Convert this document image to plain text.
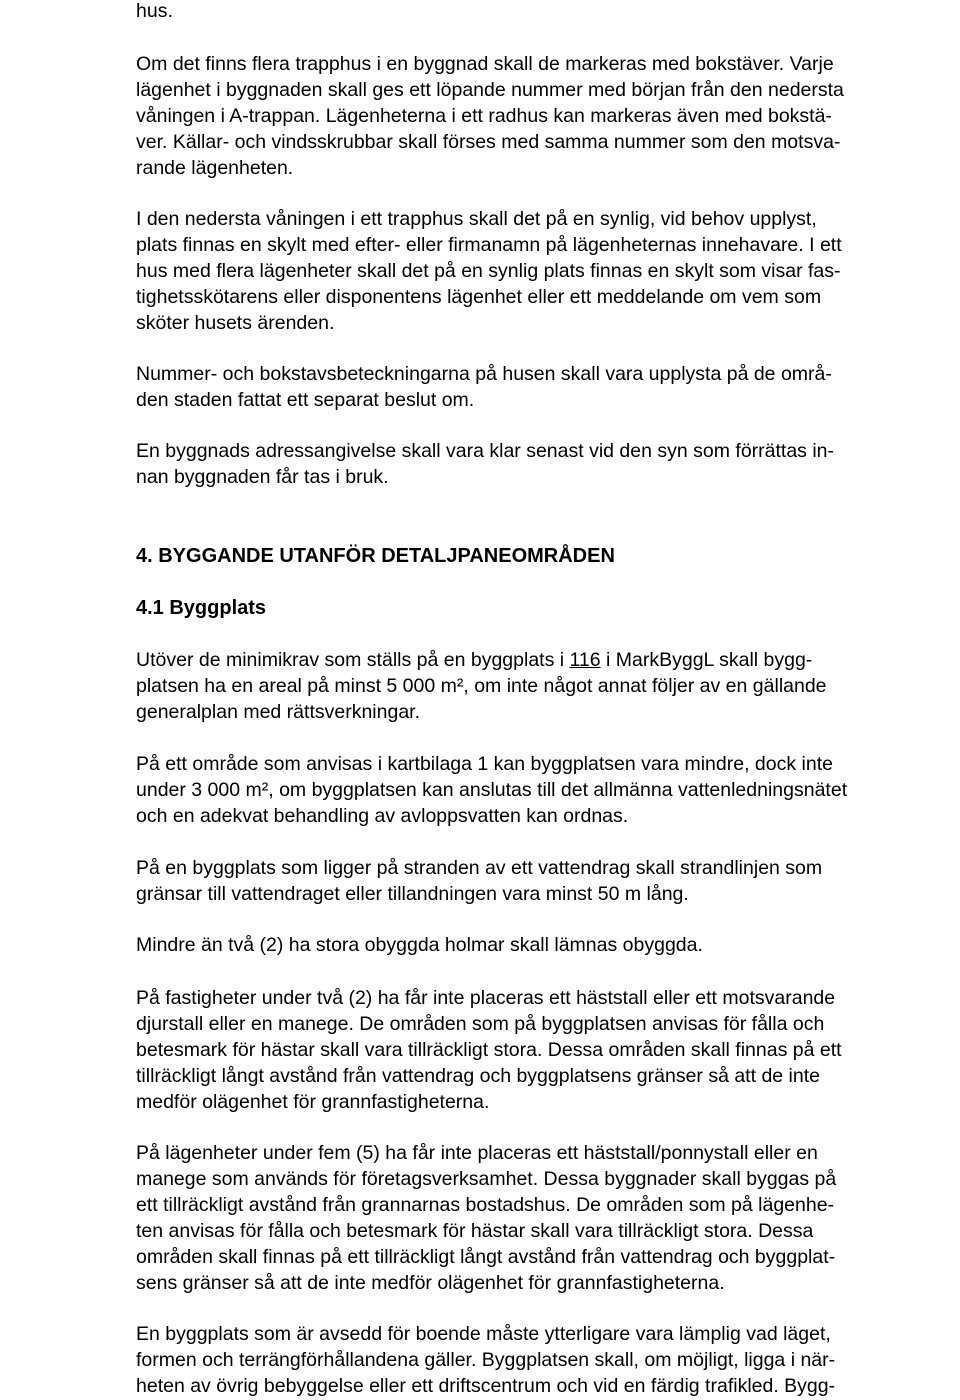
hus.
Om det finns flera trapphus i en byggnad skall de markeras med bokstäver. Varje
lägenhet i byggnaden skall ges ett löpande nummer med början från den nedersta
våningen i A-trappan. Lägenheterna i ett radhus kan markeras även med bokstä-
ver. Källar- och vindsskrubbar skall förses med samma nummer som den motsva-
rande lägenheten.
I den nedersta våningen i ett trapphus skall det på en synlig, vid behov upplyst,
plats finnas en skylt med efter- eller firmanamn på lägenheternas innehavare. I ett
hus med flera lägenheter skall det på en synlig plats finnas en skylt som visar fas-
tighetsskötarens eller disponentens lägenhet eller ett meddelande om vem som
sköter husets ärenden.
Nummer- och bokstavsbeteckningarna på husen skall vara upplysta på de områ-
den staden fattat ett separat beslut om.
En byggnads adressangivelse skall vara klar senast vid den syn som förrättas in-
nan byggnaden får tas i bruk.
4. BYGGANDE UTANFÖR DETALJPANEOMRÅDEN
4.1 Byggplats
Utöver de minimikrav som ställs på en byggplats i 116 i MarkByggL skall bygg-
platsen ha en areal på minst 5 000 m², om inte något annat följer av en gällande
generalplan med rättsverkningar.
På ett område som anvisas i kartbilaga 1 kan byggplatsen vara mindre, dock inte
under 3 000 m², om byggplatsen kan anslutas till det allmänna vattenledningsnätet
och en adekvat behandling av avloppsvatten kan ordnas.
På en byggplats som ligger på stranden av ett vattendrag skall strandlinjen som
gränsar till vattendraget eller tillandningen vara minst 50 m lång.
Mindre än två (2) ha stora obyggda holmar skall lämnas obyggda.
På fastigheter under två (2) ha får inte placeras ett häststall eller ett motsvarande
djurstall eller en manege. De områden som på byggplatsen anvisas för fålla och
betesmark för hästar skall vara tillräckligt stora. Dessa områden skall finnas på ett
tillräckligt långt avstånd från vattendrag och byggplatsens gränser så att de inte
medför olägenhet för grannfastigheterna.
På lägenheter under fem (5) ha får inte placeras ett häststall/ponnystall eller en
manege som används för företagsverksamhet. Dessa byggnader skall byggas på
ett tillräckligt avstånd från grannarnas bostadshus. De områden som på lägenhe-
ten anvisas för fålla och betesmark för hästar skall vara tillräckligt stora. Dessa
områden skall finnas på ett tillräckligt långt avstånd från vattendrag och byggplat-
sens gränser så att de inte medför olägenhet för grannfastigheterna.
En byggplats som är avsedd för boende måste ytterligare vara lämplig vad läget,
formen och terrängförhållandena gäller. Byggplatsen skall, om möjligt, ligga i när-
heten av övrig bebyggelse eller ett driftscentrum och vid en färdig trafikled. Bygg-
